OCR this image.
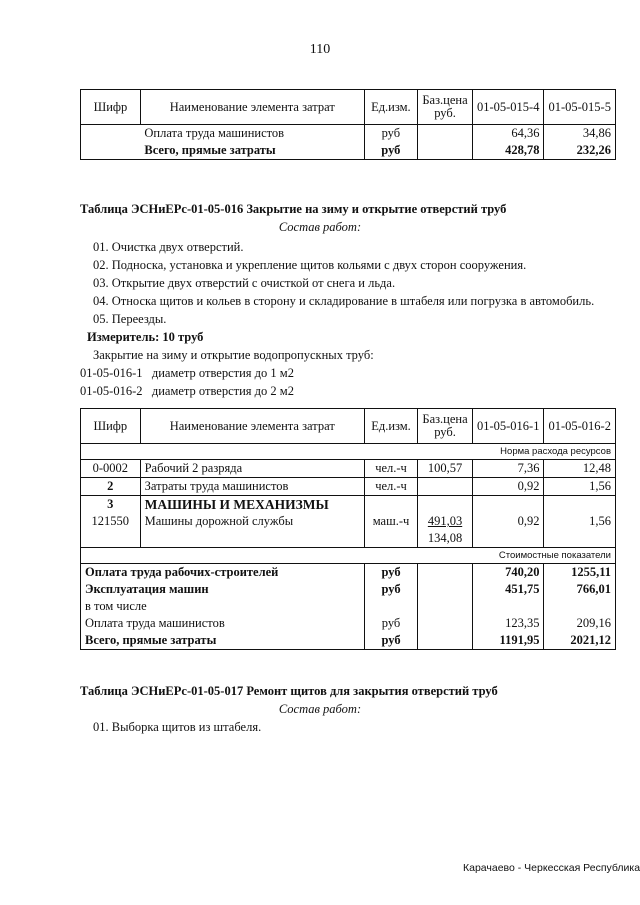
110
Шифр	Наименование элемента затрат	Ед.изм.	Баз.цена
руб.	01-05-015-4	01-05-015-5
	Оплата труда машинистов	руб		64,36	34,86
	Всего, прямые затраты	руб		428,78	232,26
Таблица ЭСНиЕРс-01-05-016 Закрытие на зиму и открытие отверстий труб
Состав работ:
01. Очистка двух отверстий.
02. Подноска, установка и укрепление щитов кольями с двух сторон сооружения.
03. Открытие двух отверстий с очисткой от снега и льда.
04. Относка щитов и кольев в сторону и складирование в штабеля или погрузка в автомобиль.
05. Переезды.
Измеритель: 10 труб
Закрытие на зиму и открытие водопропускных труб:
01-05-016-1 диаметр отверстия до 1 м2
01-05-016-2 диаметр отверстия до 2 м2
Шифр	Наименование элемента затрат	Ед.изм.	Баз.цена
руб.	01-05-016-1	01-05-016-2
Норма расхода ресурсов					
0-0002	Рабочий 2 разряда	чел.-ч	100,57	7,36	12,48
2	Затраты труда машинистов	чел.-ч		0,92	1,56
3	МАШИНЫ И МЕХАНИЗМЫ				
121550	Машины дорожной службы	маш.-ч	491,03	0,92	1,56
			134,08		
Стоимостные показатели					
Оплата труда рабочих-строителей		руб		740,20	1255,11
Эксплуатация машин		руб		451,75	766,01
в том числе					
Оплата труда машинистов		руб		123,35	209,16
Всего, прямые затраты		руб		1191,95	2021,12
Таблица ЭСНиЕРс-01-05-017 Ремонт щитов для закрытия отверстий труб
Состав работ:
01. Выборка щитов из штабеля.
Карачаево - Черкесская Республика
